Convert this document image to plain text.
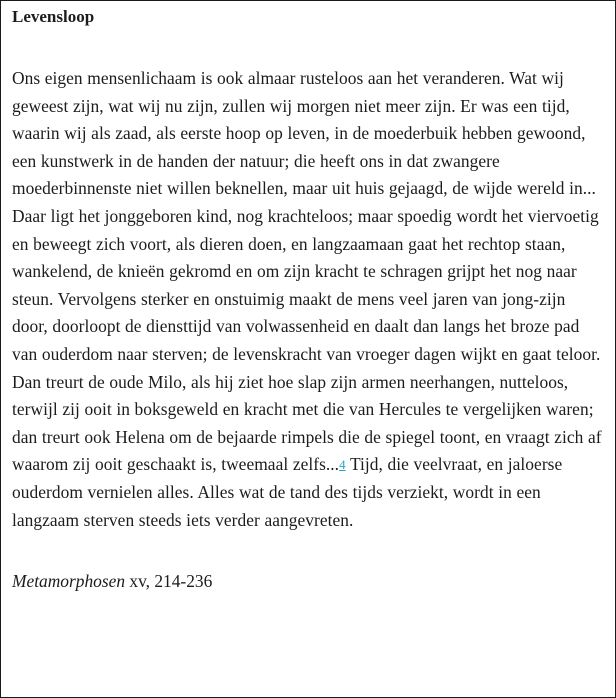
Levensloop

Ons eigen mensenlichaam is ook almaar rusteloos aan het veranderen. Wat wij geweest zijn, wat wij nu zijn, zullen wij morgen niet meer zijn. Er was een tijd, waarin wij als zaad, als eerste hoop op leven, in de moederbuik hebben gewoond, een kunstwerk in de handen der natuur; die heeft ons in dat zwangere moederbinnenste niet willen beknellen, maar uit huis gejaagd, de wijde wereld in... Daar ligt het jonggeboren kind, nog krachteloos; maar spoedig wordt het viervoetig en beweegt zich voort, als dieren doen, en langzaamaan gaat het rechtop staan, wankelend, de knieën gekromd en om zijn kracht te schragen grijpt het nog naar steun. Vervolgens sterker en onstuimig maakt de mens veel jaren van jong-zijn door, doorloopt de diensttijd van volwassenheid en daalt dan langs het broze pad van ouderdom naar sterven; de levenskracht van vroeger dagen wijkt en gaat teloor. Dan treurt de oude Milo, als hij ziet hoe slap zijn armen neerhangen, nutteloos, terwijl zij ooit in boksgeweld en kracht met die van Hercules te vergelijken waren; dan treurt ook Helena om de bejaarde rimpels die de spiegel toont, en vraagt zich af waarom zij ooit geschaakt is, tweemaal zelfs...4 Tijd, die veelvraat, en jaloerse ouderdom vernielen alles. Alles wat de tand des tijds verziekt, wordt in een langzaam sterven steeds iets verder aangevreten.

Metamorphosen xv, 214-236
